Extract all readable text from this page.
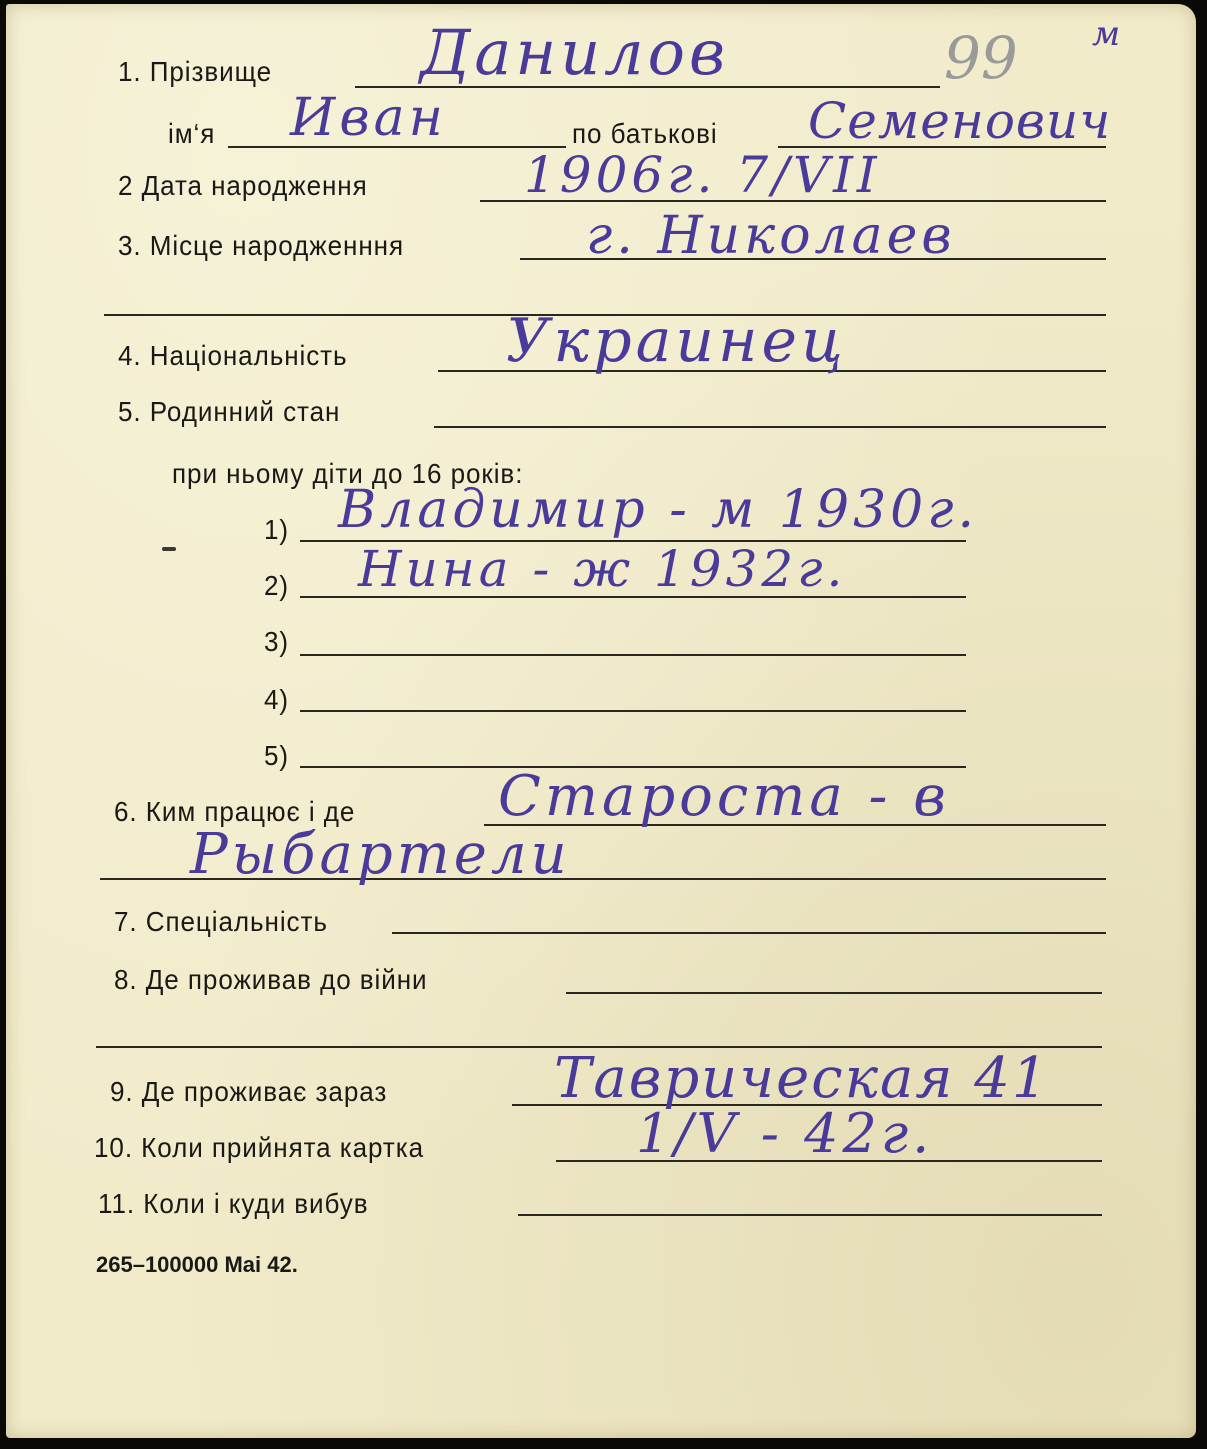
99 м
1. Прізвище Данилов
ім‘я Иван	по батькові Семенович
2 Дата народження	1906г. 7/VII
3. Місце народженння	г. Николаев
4. Національність	Украинец
5. Родинний стан
при ньому діти до 16 років:
1) Владимир - м 1930г.
2) Нина - ж 1932г.
3)
4)
5)
6. Ким працює і де	Староста - в
Рыбартели
7. Спеціальність
8. Де проживав до війни
9. Де проживає зараз	Таврическая 41
10. Коли прийнята картка	1/V - 42г.
11. Коли і куди вибув
265–100000 Mai 42.
